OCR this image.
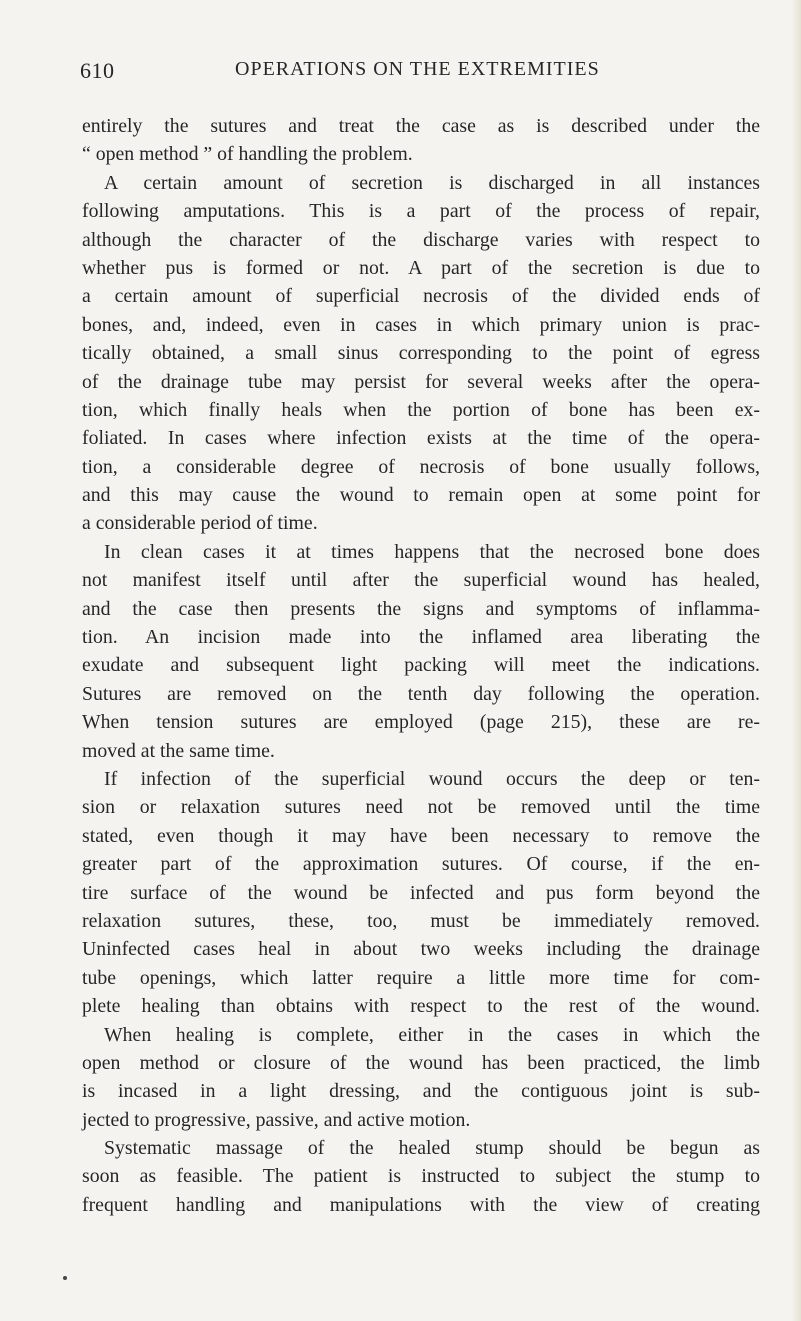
610	OPERATIONS ON THE EXTREMITIES
entirely the sutures and treat the case as is described under the
“ open method ” of handling the problem.
A certain amount of secretion is discharged in all instances
following amputations. This is a part of the process of repair,
although the character of the discharge varies with respect to
whether pus is formed or not. A part of the secretion is due to
a certain amount of superficial necrosis of the divided ends of
bones, and, indeed, even in cases in which primary union is prac-
tically obtained, a small sinus corresponding to the point of egress
of the drainage tube may persist for several weeks after the opera-
tion, which finally heals when the portion of bone has been ex-
foliated. In cases where infection exists at the time of the opera-
tion, a considerable degree of necrosis of bone usually follows,
and this may cause the wound to remain open at some point for
a considerable period of time.
In clean cases it at times happens that the necrosed bone does
not manifest itself until after the superficial wound has healed,
and the case then presents the signs and symptoms of inflamma-
tion. An incision made into the inflamed area liberating the
exudate and subsequent light packing will meet the indications.
Sutures are removed on the tenth day following the operation.
When tension sutures are employed (page 215), these are re-
moved at the same time.
If infection of the superficial wound occurs the deep or ten-
sion or relaxation sutures need not be removed until the time
stated, even though it may have been necessary to remove the
greater part of the approximation sutures. Of course, if the en-
tire surface of the wound be infected and pus form beyond the
relaxation sutures, these, too, must be immediately removed.
Uninfected cases heal in about two weeks including the drainage
tube openings, which latter require a little more time for com-
plete healing than obtains with respect to the rest of the wound.
When healing is complete, either in the cases in which the
open method or closure of the wound has been practiced, the limb
is incased in a light dressing, and the contiguous joint is sub-
jected to progressive, passive, and active motion.
Systematic massage of the healed stump should be begun as
soon as feasible. The patient is instructed to subject the stump to
frequent handling and manipulations with the view of creating
